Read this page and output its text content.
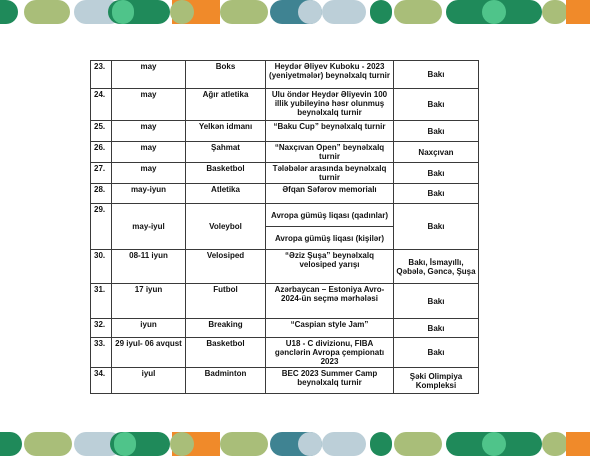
23.	may	Boks	Heydər Əliyev Kuboku - 2023 (yeniyetmələr) beynəlxalq turnir	Bakı
24.	may	Ağır atletika	Ulu öndər Heydər Əliyevin 100 illik yubileyinə həsr olunmuş beynəlxalq turnir	Bakı
25.	may	Yelkən idmanı	“Baku Cup” beynəlxalq turnir	Bakı
26.	may	Şahmat	“Naxçıvan Open” beynəlxalq turnir	Naxçıvan
27.	may	Basketbol	Tələbələr arasında beynəlxalq turnir	Bakı
28.	may-iyun	Atletika	Əfqan Səfərov memorialı	Bakı
29.	may-iyul	Voleybol	Avropa gümüş liqası (qadınlar)	Bakı
			Avropa gümüş liqası (kişilər)	
30.	08-11 iyun	Velosiped	“Əziz Şuşa” beynəlxalq velosiped yarışı	Bakı, İsmayıllı, Qəbələ, Gəncə, Şuşa
31.	17 iyun	Futbol	Azərbaycan – Estoniya Avro-2024-ün seçmə mərhələsi	Bakı
32.	iyun	Breaking	“Caspian style Jam”	Bakı
33.	29 iyul- 06 avqust	Basketbol	U18 - C divizionu, FIBA gənclərin Avropa çempionatı 2023	Bakı
34.	iyul	Badminton	BEC 2023 Summer Camp beynəlxalq turnir	Şəki Olimpiya Kompleksi
